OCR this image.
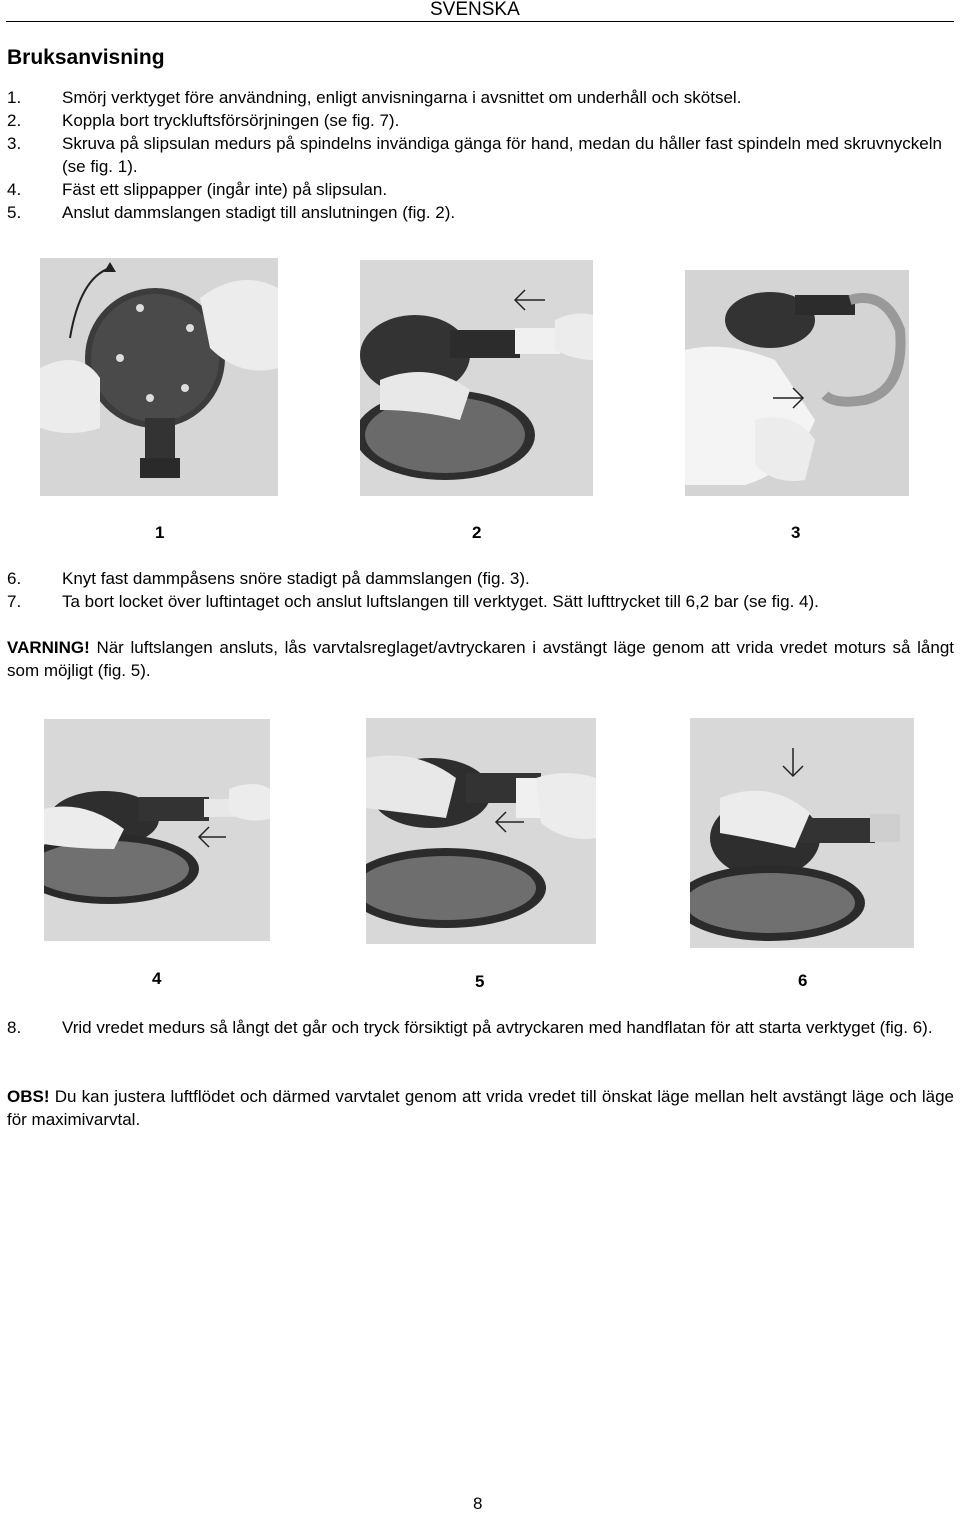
SVENSKA
Bruksanvisning
1. Smörj verktyget före användning, enligt anvisningarna i avsnittet om underhåll och skötsel.
2. Koppla bort tryckluftsförsörjningen (se fig. 7).
3. Skruva på slipsulan medurs på spindelns invändiga gänga för hand, medan du håller fast spindeln med skruvnyckeln (se fig. 1).
4. Fäst ett slippapper (ingår inte) på slipsulan.
5. Anslut dammslangen stadigt till anslutningen (fig. 2).
1	2	3
6. Knyt fast dammpåsens snöre stadigt på dammslangen (fig. 3).
7. Ta bort locket över luftintaget och anslut luftslangen till verktyget. Sätt lufttrycket till 6,2 bar (se fig. 4).
VARNING! När luftslangen ansluts, lås varvtalsreglaget/avtryckaren i avstängt läge genom att vrida vredet moturs så långt som möjligt (fig. 5).
4	5	6
8. Vrid vredet medurs så långt det går och tryck försiktigt på avtryckaren med handflatan för att starta verktyget (fig. 6).
OBS! Du kan justera luftflödet och därmed varvtalet genom att vrida vredet till önskat läge mellan helt avstängt läge och läge för maximivarvtal.
8
